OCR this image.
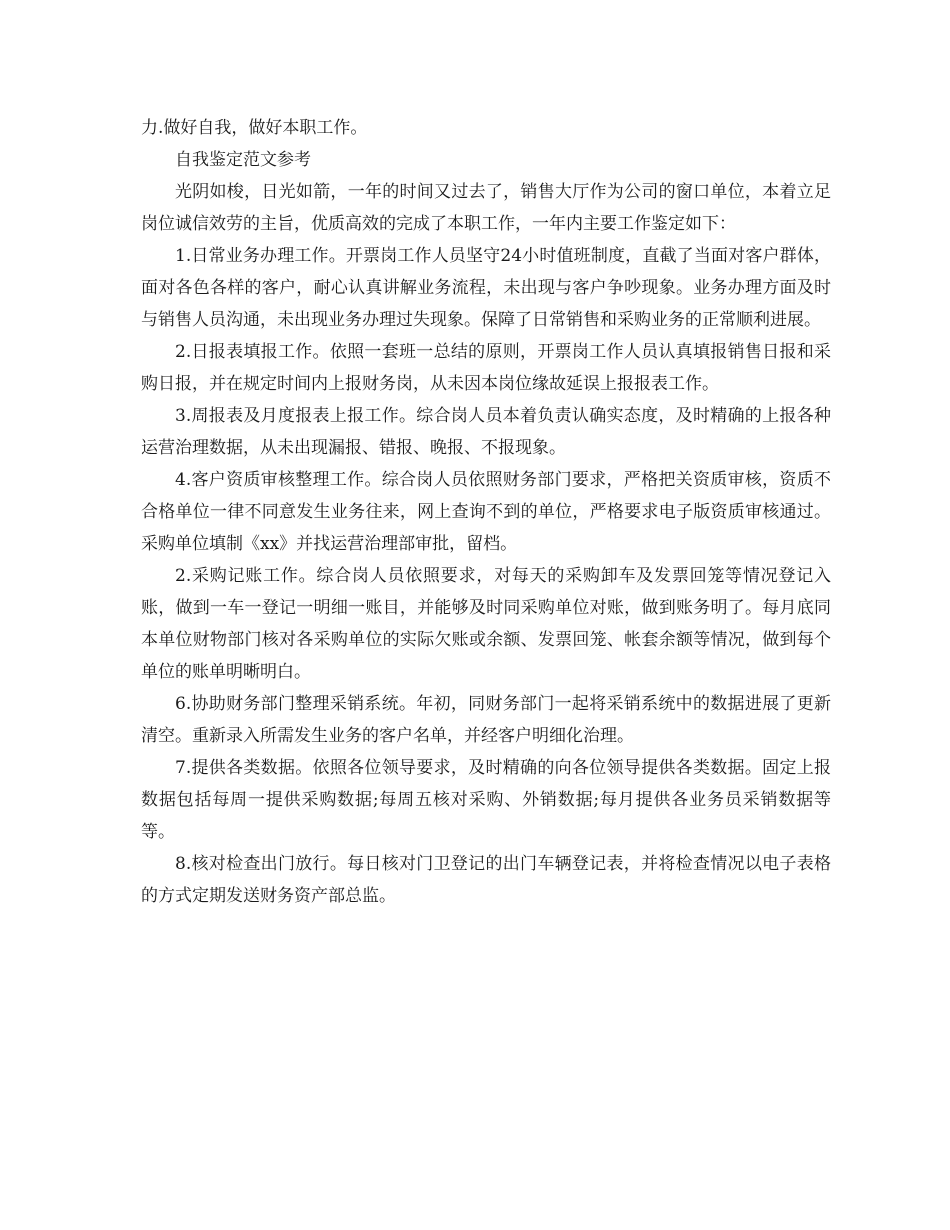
力.做好自我，做好本职工作。

自我鉴定范文参考

光阴如梭，日光如箭，一年的时间又过去了，销售大厅作为公司的窗口单位，本着立足岗位诚信效劳的主旨，优质高效的完成了本职工作，一年内主要工作鉴定如下：

1.日常业务办理工作。开票岗工作人员坚守24小时值班制度，直截了当面对客户群体，面对各色各样的客户，耐心认真讲解业务流程，未出现与客户争吵现象。业务办理方面及时与销售人员沟通，未出现业务办理过失现象。保障了日常销售和采购业务的正常顺利进展。

2.日报表填报工作。依照一套班一总结的原则，开票岗工作人员认真填报销售日报和采购日报，并在规定时间内上报财务岗，从未因本岗位缘故延误上报报表工作。

3.周报表及月度报表上报工作。综合岗人员本着负责认确实态度，及时精确的上报各种运营治理数据，从未出现漏报、错报、晚报、不报现象。

4.客户资质审核整理工作。综合岗人员依照财务部门要求，严格把关资质审核，资质不合格单位一律不同意发生业务往来，网上查询不到的单位，严格要求电子版资质审核通过。采购单位填制《xx》并找运营治理部审批，留档。

2.采购记账工作。综合岗人员依照要求，对每天的采购卸车及发票回笼等情况登记入账，做到一车一登记一明细一账目，并能够及时同采购单位对账，做到账务明了。每月底同本单位财物部门核对各采购单位的实际欠账或余额、发票回笼、帐套余额等情况，做到每个单位的账单明晰明白。

6.协助财务部门整理采销系统。年初，同财务部门一起将采销系统中的数据进展了更新清空。重新录入所需发生业务的客户名单，并经客户明细化治理。

7.提供各类数据。依照各位领导要求，及时精确的向各位领导提供各类数据。固定上报数据包括每周一提供采购数据;每周五核对采购、外销数据;每月提供各业务员采销数据等等。

8.核对检查出门放行。每日核对门卫登记的出门车辆登记表，并将检查情况以电子表格的方式定期发送财务资产部总监。
